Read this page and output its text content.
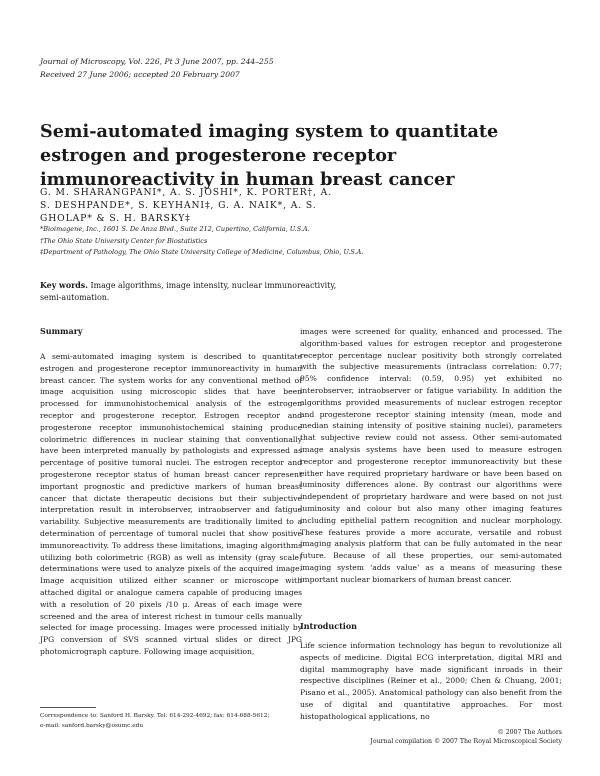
Journal of Microscopy, Vol. 226, Pt 3 June 2007, pp. 244–255
Received 27 June 2006; accepted 20 February 2007
Semi-automated imaging system to quantitate estrogen and progesterone receptor immunoreactivity in human breast cancer
G. M. SHARANGPANI*, A. S. JOSHI*, K. PORTER†, A. S. DESHPANDE*, S. KEYHANI‡, G. A. NAIK*, A. S. GHOLAP* & S. H. BARSKY‡
*Bioimagene, Inc., 1601 S. De Anza Blvd., Suite 212, Cupertino, California, U.S.A.
†The Ohio State University Center for Biostatistics
‡Department of Pathology, The Ohio State University College of Medicine, Columbus, Ohio, U.S.A.
Key words. Image algorithms, image intensity, nuclear immunoreactivity, semi-automation.
Summary

A semi-automated imaging system is described to quantitate estrogen and progesterone receptor immunoreactivity in human breast cancer. The system works for any conventional method of image acquisition using microscopic slides that have been processed for immunohistochemical analysis of the estrogen receptor and progesterone receptor. Estrogen receptor and progesterone receptor immunohistochemical staining produce colorimetric differences in nuclear staining that conventionally have been interpreted manually by pathologists and expressed as percentage of positive tumoral nuclei. The estrogen receptor and progesterone receptor status of human breast cancer represent important prognostic and predictive markers of human breast cancer that dictate therapeutic decisions but their subjective interpretation result in interobserver, intraobserver and fatigue variability. Subjective measurements are traditionally limited to a determination of percentage of tumoral nuclei that show positive immunoreactivity. To address these limitations, imaging algorithms utilizing both colorimetric (RGB) as well as intensity (gray scale) determinations were used to analyze pixels of the acquired image. Image acquisition utilized either scanner or microscope with attached digital or analogue camera capable of producing images with a resolution of 20 pixels /10 μ. Areas of each image were screened and the area of interest richest in tumour cells manually selected for image processing. Images were processed initially by JPG conversion of SVS scanned virtual slides or direct JPG photomicrograph capture. Following image acquisition,

images were screened for quality, enhanced and processed. The algorithm-based values for estrogen receptor and progesterone receptor percentage nuclear positivity both strongly correlated with the subjective measurements (intraclass correlation: 0.77; 95% confidence interval: (0.59, 0.95) yet exhibited no interobserver, intraobserver or fatigue variability. In addition the algorithms provided measurements of nuclear estrogen receptor and progesterone receptor staining intensity (mean, mode and median staining intensity of positive staining nuclei), parameters that subjective review could not assess. Other semi-automated image analysis systems have been used to measure estrogen receptor and progesterone receptor immunoreactivity but these either have required proprietary hardware or have been based on luminosity differences alone. By contrast our algorithms were independent of proprietary hardware and were based on not just luminosity and colour but also many other imaging features including epithelial pattern recognition and nuclear morphology. These features provide a more accurate, versatile and robust imaging analysis platform that can be fully automated in the near future. Because of all these properties, our semi-automated imaging system ‘adds value’ as a means of measuring these important nuclear biomarkers of human breast cancer.

Introduction

Life science information technology has begun to revolutionize all aspects of medicine. Digital ECG interpretation, digital MRI and digital mammography have made significant inroads in their respective disciplines (Reiner et al., 2000; Chen & Chuang, 2001; Pisano et al., 2005). Anatomical pathology can also benefit from the use of digital and quantitative approaches. For most histopathological applications, no

Correspondence to: Sanford H. Barsky. Tel: 614-292-4692; fax: 614-688-5612;
e-mail: sanford.barsky@osumc.edu
© 2007 The Authors
Journal compilation © 2007 The Royal Microscopical Society
